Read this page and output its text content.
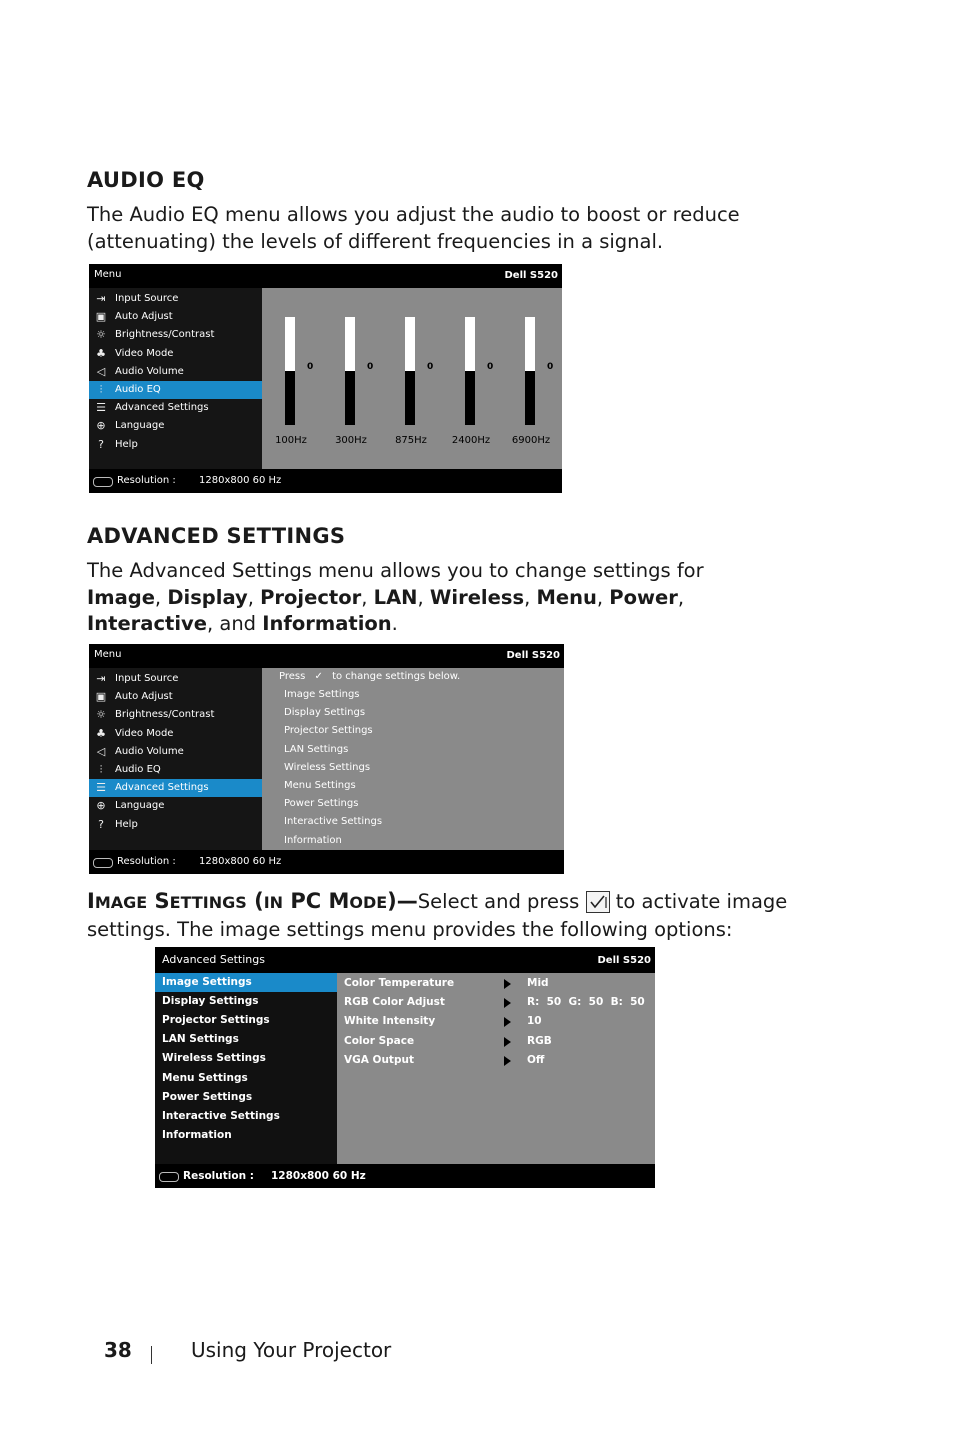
AUDIO EQ

The Audio EQ menu allows you adjust the audio to boost or reduce (attenuating) the levels of different frequencies in a signal.

Menu	Dell S520
⇥ Input Source
▣ Auto Adjust
☼ Brightness/Contrast
♣ Video Mode
◁ Audio Volume
⫶	Audio EQ
☰ Advanced Settings
⊕ Language
?	Help
0
100Hz
0
300Hz
0
875Hz
0
2400Hz
0
6900Hz
Resolution : 1280x800 60 Hz
ADVANCED SETTINGS

The Advanced Settings menu allows you to change settings for Image, Display, Projector, LAN, Wireless, Menu, Power, Interactive, and Information.

Menu	Dell S520
⇥ Input Source
▣ Auto Adjust
☼ Brightness/Contrast
♣ Video Mode
◁ Audio Volume
⫶	Audio EQ
☰ Advanced Settings
⊕ Language
?	Help
Press ✓ to change settings below.
Image Settings
Display Settings
Projector Settings
LAN Settings
Wireless Settings
Menu Settings
Power Settings
Interactive Settings
Information
Resolution : 1280x800 60 Hz
IMAGE SETTINGS (IN PC MODE)—Select and press to activate image
settings. The image settings menu provides the following options:
Advanced Settings	Dell S520
Image Settings
Display Settings
Projector Settings
LAN Settings
Wireless Settings
Menu Settings
Power Settings
Interactive Settings
Information
Color Temperature	Mid
RGB Color Adjust	R:  50  G:  50  B:  50
White Intensity	10
Color Space	RGB
VGA Output	Off
Resolution : 1280x800 60 Hz
38	Using Your Projector
